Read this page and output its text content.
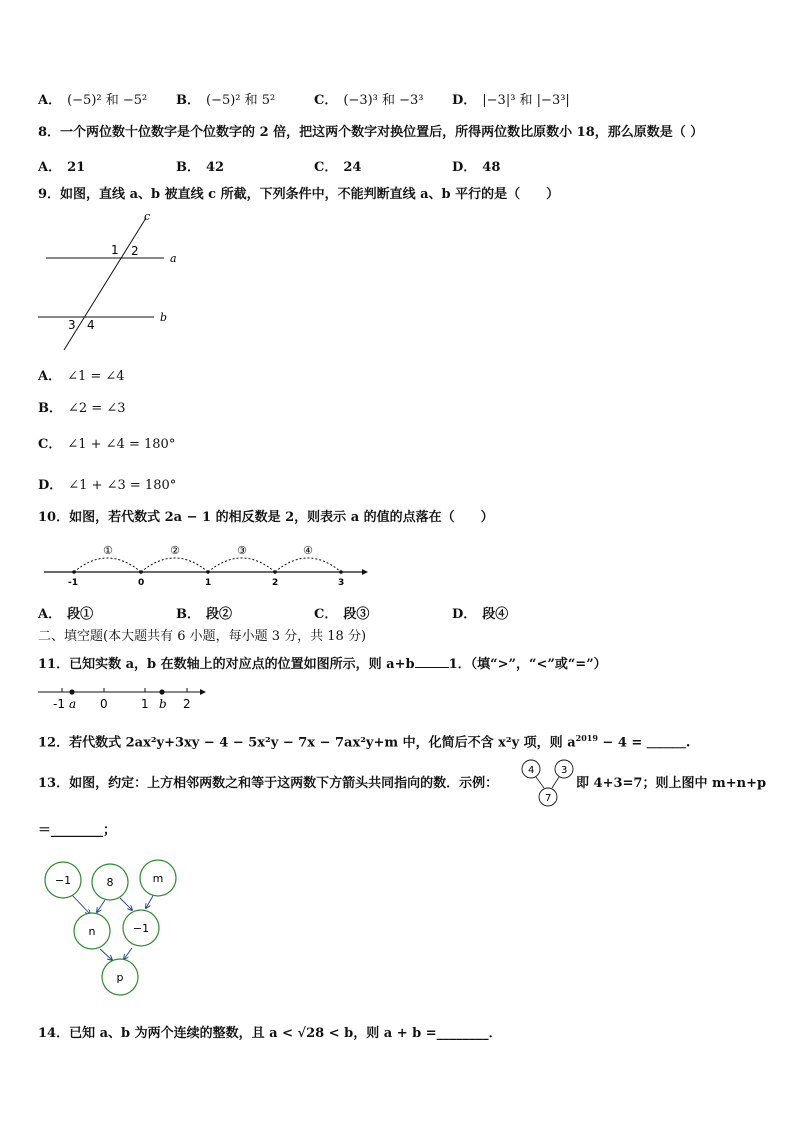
A． (−5)² 和 −5² B． (−5)² 和 5²	C． (−3)³ 和 −3³ D． |−3|³ 和 |−3³|
8．一个两位数十位数字是个位数字的 2 倍，把这两个数字对换位置后，所得两位数比原数小 18，那么原数是（ ）
A． 21	B． 42	C． 24	D． 48
9．如图，直线 a、b 被直线 c 所截，下列条件中，不能判断直线 a、b 平行的是（　　）
c
a
b
1 2
3 4
A． ∠1 = ∠4
B． ∠2 = ∠3
C． ∠1 + ∠4 = 180°
D． ∠1 + ∠3 = 180°
10．如图，若代数式 2a − 1 的相反数是 2，则表示 a 的值的点落在（　　）
①	②	③	④
-1	0	1	2	3
A． 段①	B． 段②	C． 段③	D． 段④
二、填空题(本大题共有 6 小题，每小题 3 分，共 18 分)
11．已知实数 a，b 在数轴上的对应点的位置如图所示，则 a+b	1．（填“>”，“<”或“=”）
-1 a 0	1 b 2
12．若代数式 2ax²y+3xy − 4 − 5x²y − 7x − 7ax²y+m 中，化简后不含 x²y 项，则 $a^{2019} - 4$ = ＿＿＿.
13．如图，约定：上方相邻两数之和等于这两数下方箭头共同指向的数．示例：
4	3
7
即 4+3=7；则上图中 m+n+p
＝________；
−1	8	m
n	−1
p
14．已知 a、b 为两个连续的整数，且 a < √28 < b，则 a + b =________．
